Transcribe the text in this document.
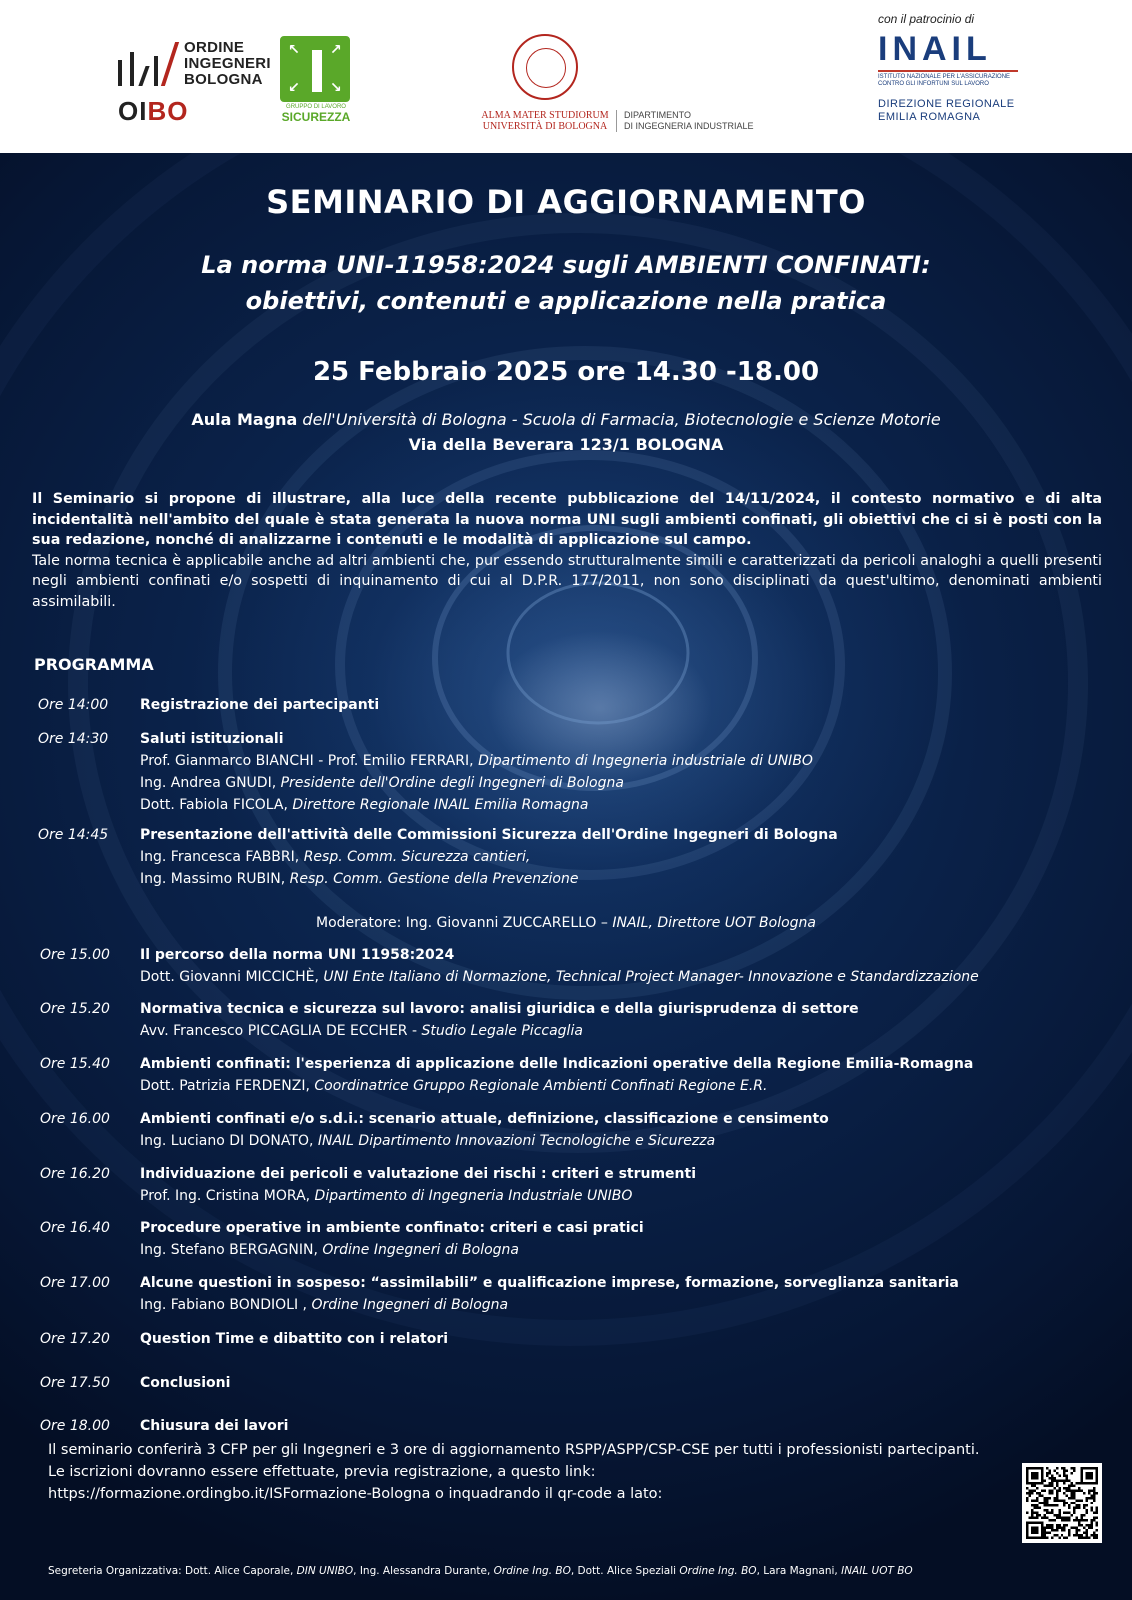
ORDINE
INGEGNERI
BOLOGNA
OIBO
↖ ↗
↙ ↘
GRUPPO DI LAVORO
SICUREZZA	ALMA MATER STUDIORUM
UNIVERSITÀ DI BOLOGNA
DIPARTIMENTO
DI INGEGNERIA INDUSTRIALE
con il patrocinio di
INAIL
ISTITUTO NAZIONALE PER L'ASSICURAZIONE
CONTRO GLI INFORTUNI SUL LAVORO
DIREZIONE REGIONALE
EMILIA ROMAGNA
SEMINARIO DI AGGIORNAMENTO
La norma UNI-11958:2024 sugli AMBIENTI CONFINATI:
obiettivi, contenuti e applicazione nella pratica
25 Febbraio 2025 ore 14.30 -18.00
Aula Magna dell'Università di Bologna - Scuola di Farmacia, Biotecnologie e Scienze Motorie
Via della Beverara 123/1 BOLOGNA

Il Seminario si propone di illustrare, alla luce della recente pubblicazione del 14/11/2024, il contesto normativo e di alta incidentalità nell'ambito del quale è stata generata la nuova norma UNI sugli ambienti confinati, gli obiettivi che ci si è posti con la sua redazione, nonché di analizzarne i contenuti e le modalità di applicazione sul campo.

Tale norma tecnica è applicabile anche ad altri ambienti che, pur essendo strutturalmente simili e caratterizzati da pericoli analoghi a quelli presenti negli ambienti confinati e/o sospetti di inquinamento di cui al D.P.R. 177/2011, non sono disciplinati da quest'ultimo, denominati ambienti assimilabili.

PROGRAMMA
Ore 14:00	Registrazione dei partecipanti
Ore 14:30	Saluti istituzionali
Prof. Gianmarco BIANCHI - Prof. Emilio FERRARI, Dipartimento di Ingegneria industriale di UNIBO
Ing. Andrea GNUDI, Presidente dell'Ordine degli Ingegneri di Bologna
Dott. Fabiola FICOLA, Direttore Regionale INAIL Emilia Romagna
Ore 14:45	Presentazione dell'attività delle Commissioni Sicurezza dell'Ordine Ingegneri di Bologna
Ing. Francesca FABBRI, Resp. Comm. Sicurezza cantieri,
Ing. Massimo RUBIN, Resp. Comm. Gestione della Prevenzione
Moderatore: Ing. Giovanni ZUCCARELLO – INAIL, Direttore UOT Bologna
Ore 15.00	Il percorso della norma UNI 11958:2024
Dott. Giovanni MICCICHÈ, UNI Ente Italiano di Normazione, Technical Project Manager- Innovazione e Standardizzazione
Ore 15.20	Normativa tecnica e sicurezza sul lavoro: analisi giuridica e della giurisprudenza di settore
Avv. Francesco PICCAGLIA DE ECCHER - Studio Legale Piccaglia
Ore 15.40	Ambienti confinati: l'esperienza di applicazione delle Indicazioni operative della Regione Emilia-Romagna
Dott. Patrizia FERDENZI, Coordinatrice Gruppo Regionale Ambienti Confinati Regione E.R.
Ore 16.00	Ambienti confinati e/o s.d.i.: scenario attuale, definizione, classificazione e censimento
Ing. Luciano DI DONATO, INAIL Dipartimento Innovazioni Tecnologiche e Sicurezza
Ore 16.20	Individuazione dei pericoli e valutazione dei rischi : criteri e strumenti
Prof. Ing. Cristina MORA, Dipartimento di Ingegneria Industriale UNIBO
Ore 16.40	Procedure operative in ambiente confinato: criteri e casi pratici
Ing. Stefano BERGAGNIN, Ordine Ingegneri di Bologna
Ore 17.00	Alcune questioni in sospeso: “assimilabili” e qualificazione imprese, formazione, sorveglianza sanitaria
Ing. Fabiano BONDIOLI , Ordine Ingegneri di Bologna
Ore 17.20	Question Time e dibattito con i relatori
Ore 17.50	Conclusioni
Ore 18.00	Chiusura dei lavori
Il seminario conferirà 3 CFP per gli Ingegneri e 3 ore di aggiornamento RSPP/ASPP/CSP-CSE per tutti i professionisti partecipanti.
Le iscrizioni dovranno essere effettuate, previa registrazione, a questo link:
https://formazione.ordingbo.it/ISFormazione-Bologna o inquadrando il qr-code a lato:
Segreteria Organizzativa: Dott. Alice Caporale, DIN UNIBO, Ing. Alessandra Durante, Ordine Ing. BO, Dott. Alice Speziali Ordine Ing. BO, Lara Magnani, INAIL UOT BO
